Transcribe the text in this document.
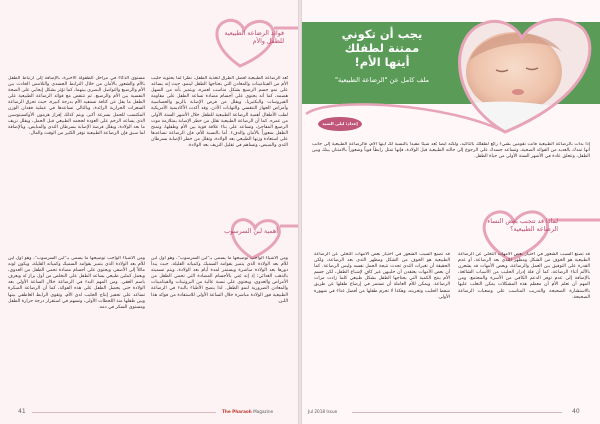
فوائد الرضاعة الطبيعية للطفل والأم
تُعد الرضاعة الطبيعية أفضل الطرق لتغذية الطفل، نظراً لما يحتويه حليب الأم من الفيتامينات والمعادن التي يحتاجها الطفل لينمو، حيث إنه يساعد على نمو جسم الرضيع بشكل مناسب لعمره، ويتميز بأنه من السهل هضمه، كما أنه يحتوي على أجسام مضادة تساعد الطفل على مقاومة الفيروسات والبكتيريا، ويقلل من فرص الإصابة بالربو والحساسية وأمراض الجهاز التنفسي والتهابات الأذن. وقد أكدت الأكاديمية الأمريكية لطب الأطفال أهمية الرضاعة الطبيعية للطفل خلال الأشهر الستة الأولى من عمره. كما أن الرضاعة الطبيعية تقلل من خطر الإصابة بمتلازمة موت الرضيع المفاجئ، وتساعد على بناء علاقة قوية بين الأم وطفلها، وتمنح الطفل شعوراً بالأمان والدفء. أما بالنسبة للأم، فإن الرضاعة تساعدها على استعادة وزنها الطبيعي بعد الولادة، وتقلل من خطر الإصابة بسرطان الثدي والمبيض، وتساهم في تقليل النزيف بعد الولادة.
مستوى الذكاء في مراحل الطفولة الأخيرة، بالإضافة إلى ارتباط الطفل بالأم والشعور بالأمان من خلال الترابط الجسدي والتلامس الحادث بين الأم والرضيع والتواصل البصري بينهما، كما تؤثر بشكل إيجابي على الصحة النفسية بين الأم والرضيع. ثم تنتقض مع فوائد الرضاعة الطبيعية على الطفل ما يقل عن كثافة تستفيد الأم بدرجة كبيرة، حيث تحرق الرضاعة السعرات الحرارية الزائدة، وبالتالي تساعدها في عملية فقدان الوزن المكتسب للحمل بسرعة أكبر، ويتم كذلك إفراز هرمون الأوكسيتوسين الذي يساعد الرحم على العودة لحجمه الطبيعي قبل الحمل، ويقلل نزيف ما بعد الولادة، ويقلل فرصة الإصابة بسرطان الثدي والمبايض، وبالإضافة لما سبق فإن الرضاعة الطبيعية توفر الكثير من الوقت والمال.
أهمية لبن السرسوب
ومن الأشياء الواجب توضيحها ما يسمى بـ"لبن السرسوب"، وهو أول لبن للأم بعد الولادة الذي يتميز بقوامه السميك وكمياته القليلة، حيث يبدأ دورها بعد الولادة مباشرة ويستمر لمدة أيام بعد الولادة، ويتم تسميته بالذهب الغذائي؛ إذ إنه غني بالأجسام المضادة التي تحمي الطفل من الأمراض والعدوى، ويحتوي على نسبة عالية من البروتينات والفيتامينات والمعادن الضرورية لنمو الطفل. لذا ينصح الأطباء بالبدء في الرضاعة الطبيعية فور الولادة مباشرة خلال الساعة الأولى للاستفادة من فوائد هذا اللبن.
ومن الأشياء الواجب توضيحها ما يسمى بـ"لبن السرسوب"، وهو أول لبن للأم بعد الولادة الذي يتميز بقوامه السميك وكمياته القليلة، ويكون لونه مائلاً إلى الأصفر، ويحتوي على أجسام مضادة تحمي الطفل من العدوى، ويعمل كملين طبيعي يساعد الطفل على التخلص من أول براز له ويعرف باسم العقي. ومن المهم البدء في الرضاعة خلال الساعة الأولى بعد الولادة حتى يحصل الطفل على هذه الفوائد، كما أن الرضاعة المبكرة تساعد على تحفيز إنتاج الحليب لدى الأم، وتقوي الرابط العاطفي بينها وبين طفلها منذ اللحظات الأولى، وتسهم في استقرار درجة حرارة الطفل ومستوى السكر في دمه.
41	The Pharaoh Magazine
يجب أن تكوني
ممتنة لطفلك
أيتها الأم!
ملف كامل عن "الرضاعة الطبيعية"
إعداد: ليلى السيد
إذا بدأت بالرضاعة الطبيعية فأنت تقومين بشيء رائع لطفلك بالتأكيد، ولكنه أيضاً يُعد شيئاً مفيداً بالنسبة لك أيتها الأم، فالرضاعة الطبيعية إلى جانب أنها تمدك بالعديد من الفوائد الصحية، وتساعد جسدك على الرجوع إلى حالته الطبيعية قبل الولادة، فإنها تمثل رابطاً قوياً وشعوراً بالامتنان بينك وبين الطفل، وتتعلق عادة في الأشهر الستة الأولى من حياة الطفل.
لماذا قد تتجنب بعض النساء الرضاعة الطبيعية؟
قد تصنع السبب الشعور في اختيار بعض الأمهات التخلي عن الرضاعة الطبيعية هو الخوف من الشكل ومظهر الثدي بعد الرضاعة، أو عدم القدرة على التوفيق بين العمل والرضاعة، وبعض الأمهات قد يشعرن بالألم أثناء الرضاعة، كما أن قلة إدرار الحليب من الأسباب الشائعة، بالإضافة إلى عدم توفر الدعم الكافي من الأسرة والمجتمع. ومن المهم أن تعلم الأم أن معظم هذه المشكلات يمكن التغلب عليها بالاستشارة الصحيحة والتدريب المناسب على وضعيات الرضاعة الصحيحة.
قد تصنع السبب الشعور في اختيار بعض الأمهات التخلي عن الرضاعة الطبيعية هو الخوف من الشكل ومظهر الثدي بعد الرضاعة، ولكن الحقيقة أن تغيرات الثدي تحدث نتيجة الحمل نفسه وليس الرضاعة. كما أن بعض الأمهات يعتقدن أن حليبهن غير كافٍ لإشباع الطفل، لكن جسم الأم ينتج الكمية التي يحتاجها الطفل بشكل طبيعي كلما زادت مرات الرضاعة. ويمكن للأم العاملة أن تستمر في إرضاع طفلها عن طريق شفط الحليب وتخزينه، وهكذا لا تحرم طفلها من أفضل غذاء في شهوره الأولى.
Jul 2018 Issue	40
